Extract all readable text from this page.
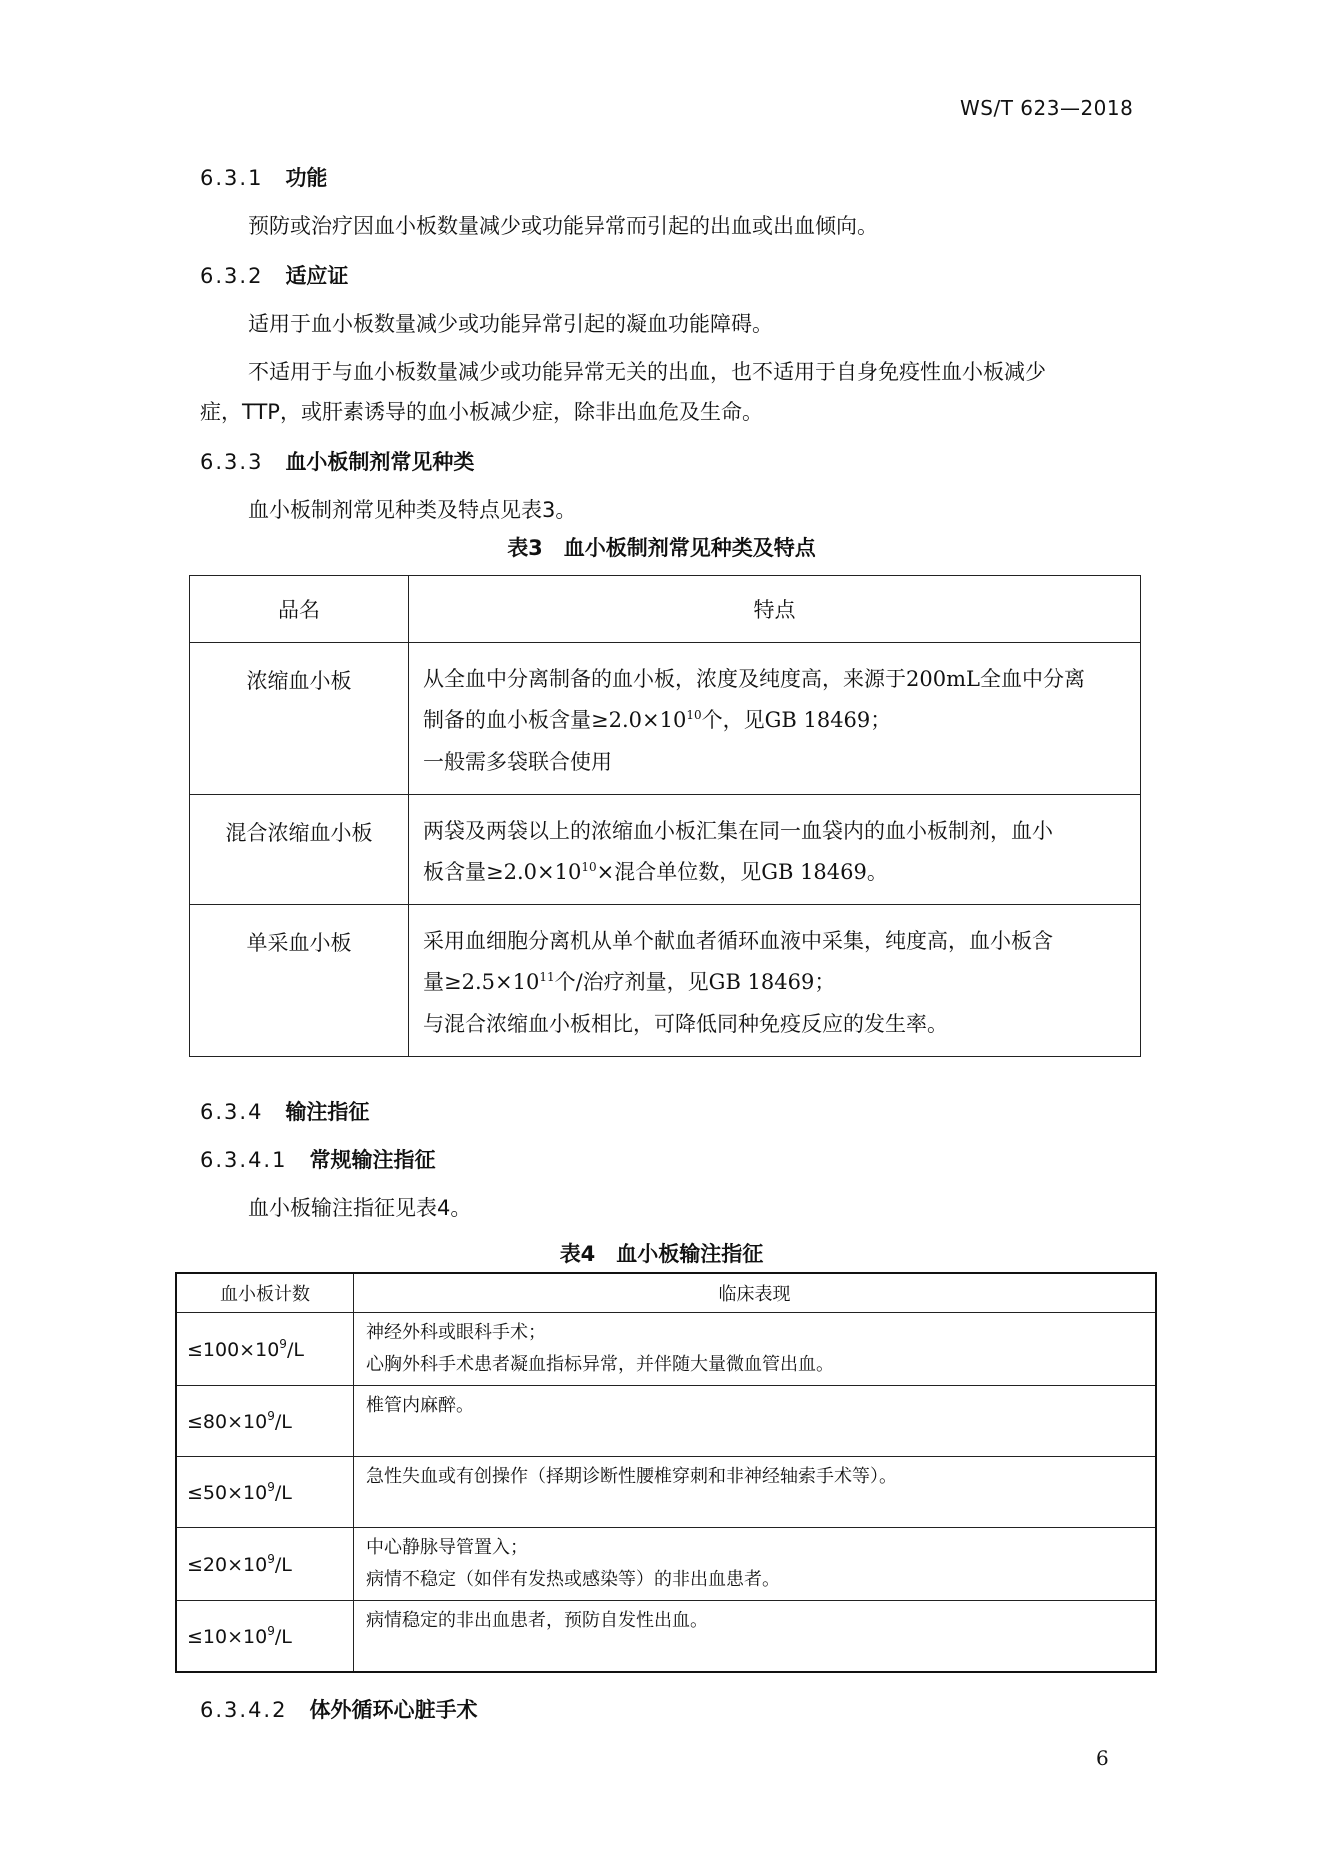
WS/T 623—2018
6.3.1 功能
预防或治疗因血小板数量减少或功能异常而引起的出血或出血倾向。
6.3.2 适应证
适用于血小板数量减少或功能异常引起的凝血功能障碍。
不适用于与血小板数量减少或功能异常无关的出血，也不适用于自身免疫性血小板减少
症，TTP，或肝素诱导的血小板减少症，除非出血危及生命。
6.3.3 血小板制剂常见种类
血小板制剂常见种类及特点见表3。
表3　血小板制剂常见种类及特点
品名	特点
浓缩血小板	从全血中分离制备的血小板，浓度及纯度高，来源于200mL全血中分离
制备的血小板含量$\ge 2.0\times 10^{10}$个，见GB 18469；
一般需多袋联合使用

混合浓缩血小板	两袋及两袋以上的浓缩血小板汇集在同一血袋内的血小板制剂，血小
板含量$\ge 2.0\times 10^{10}\times$混合单位数，见GB 18469。

单采血小板	采用血细胞分离机从单个献血者循环血液中采集，纯度高，血小板含
量$\ge 2.5\times 10^{11}$个/治疗剂量，见GB 18469；
与混合浓缩血小板相比，可降低同种免疫反应的发生率。
6.3.4 输注指征
6.3.4.1 常规输注指征
血小板输注指征见表4。
表4　血小板输注指征
血小板计数	临床表现
$\le 100\times 10^9/L$	神经外科或眼科手术；
心胸外科手术患者凝血指标异常，并伴随大量微血管出血。

$\le 80\times 10^9/L$	椎管内麻醉。

$\le 50\times 10^9/L$	急性失血或有创操作（择期诊断性腰椎穿刺和非神经轴索手术等）。

$\le 20\times 10^9/L$	中心静脉导管置入；
病情不稳定（如伴有发热或感染等）的非出血患者。

$\le 10\times 10^9/L$	病情稳定的非出血患者，预防自发性出血。
6.3.4.2 体外循环心脏手术
6
